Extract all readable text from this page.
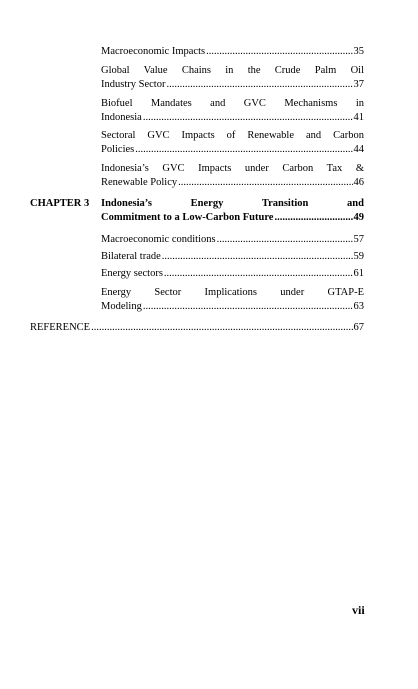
Macroeconomic Impacts .....	35
Global Value Chains in the Crude Palm Oil
Industry Sector .....	37
Biofuel Mandates and GVC Mechanisms in
Indonesia .....	41
Sectoral GVC Impacts of Renewable and Carbon
Policies .....	44
Indonesia’s GVC Impacts under Carbon Tax &
Renewable Policy .....	46
CHAPTER 3 Indonesia’s Energy Transition and
Commitment to a Low-Carbon Future .....	49
Macroeconomic conditions .....	57
Bilateral trade .....	59
Energy sectors .....	61
Energy Sector Implications under GTAP-E
Modeling .....	63
REFERENCE .....	67
vii
